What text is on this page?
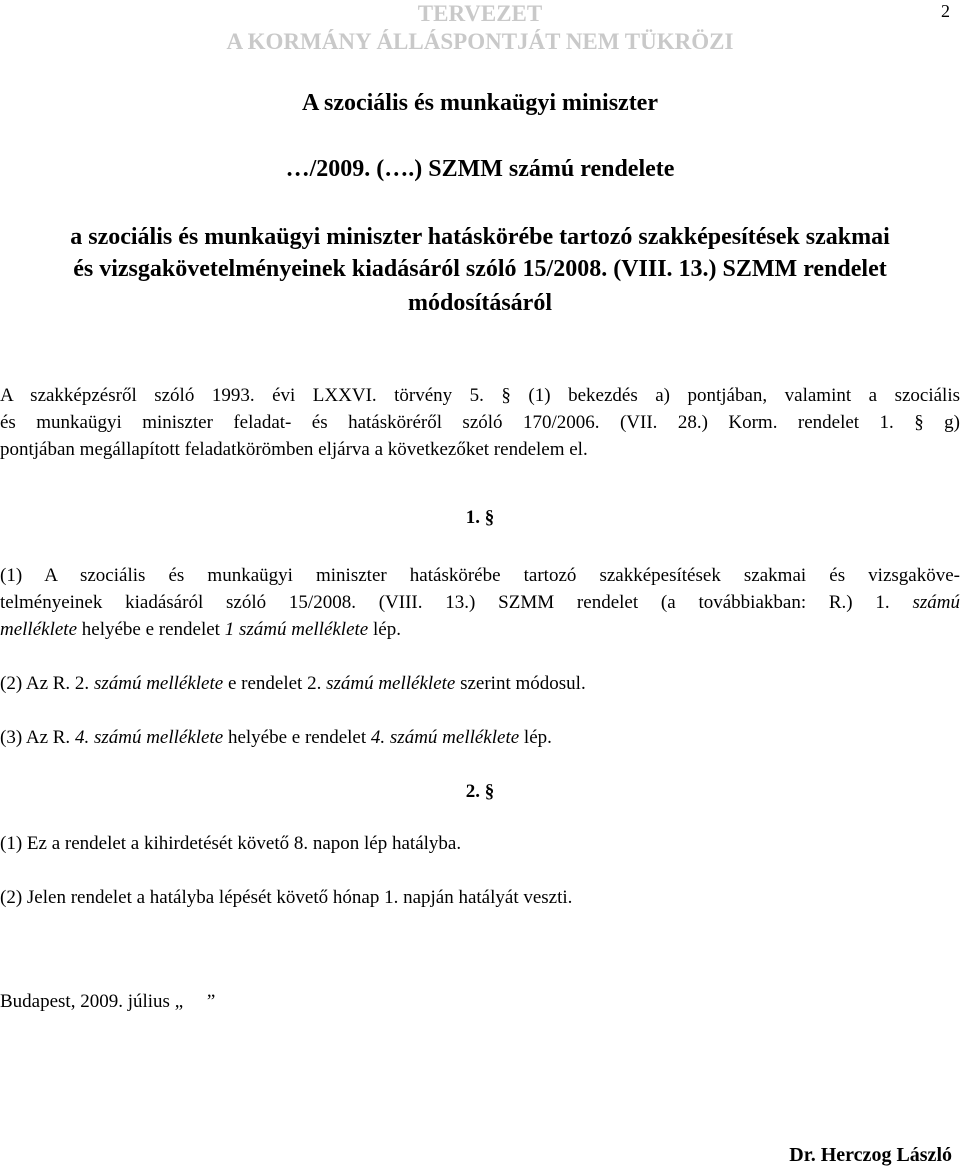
TERVEZET
A KORMÁNY ÁLLÁSPONTJÁT NEM TÜKRÖZI
2
A szociális és munkaügyi miniszter
…/2009. (….) SZMM számú rendelete
a szociális és munkaügyi miniszter hatáskörébe tartozó szakképesítések szakmai
és vizsgakövetelményeinek kiadásáról szóló 15/2008. (VIII. 13.) SZMM rendelet
módosításáról
A szakképzésről szóló 1993. évi LXXVI. törvény 5. § (1) bekezdés a) pontjában, valamint a szociális
és munkaügyi miniszter feladat- és hatásköréről szóló 170/2006. (VII. 28.) Korm. rendelet 1. § g)
pontjában megállapított feladatkörömben eljárva a következőket rendelem el.
1. §
(1) A szociális és munkaügyi miniszter hatáskörébe tartozó szakképesítések szakmai és vizsgaköve-
telményeinek kiadásáról szóló 15/2008. (VIII. 13.) SZMM rendelet (a továbbiakban: R.) 1. számú
melléklete helyébe e rendelet 1 számú melléklete lép.
(2) Az R. 2. számú melléklete e rendelet 2. számú melléklete szerint módosul.
(3) Az R. 4. számú melléklete helyébe e rendelet 4. számú melléklete lép.
2. §
(1) Ez a rendelet a kihirdetését követő 8. napon lép hatályba.
(2) Jelen rendelet a hatályba lépését követő hónap 1. napján hatályát veszti.
Budapest, 2009. július „     ”
Dr. Herczog László
